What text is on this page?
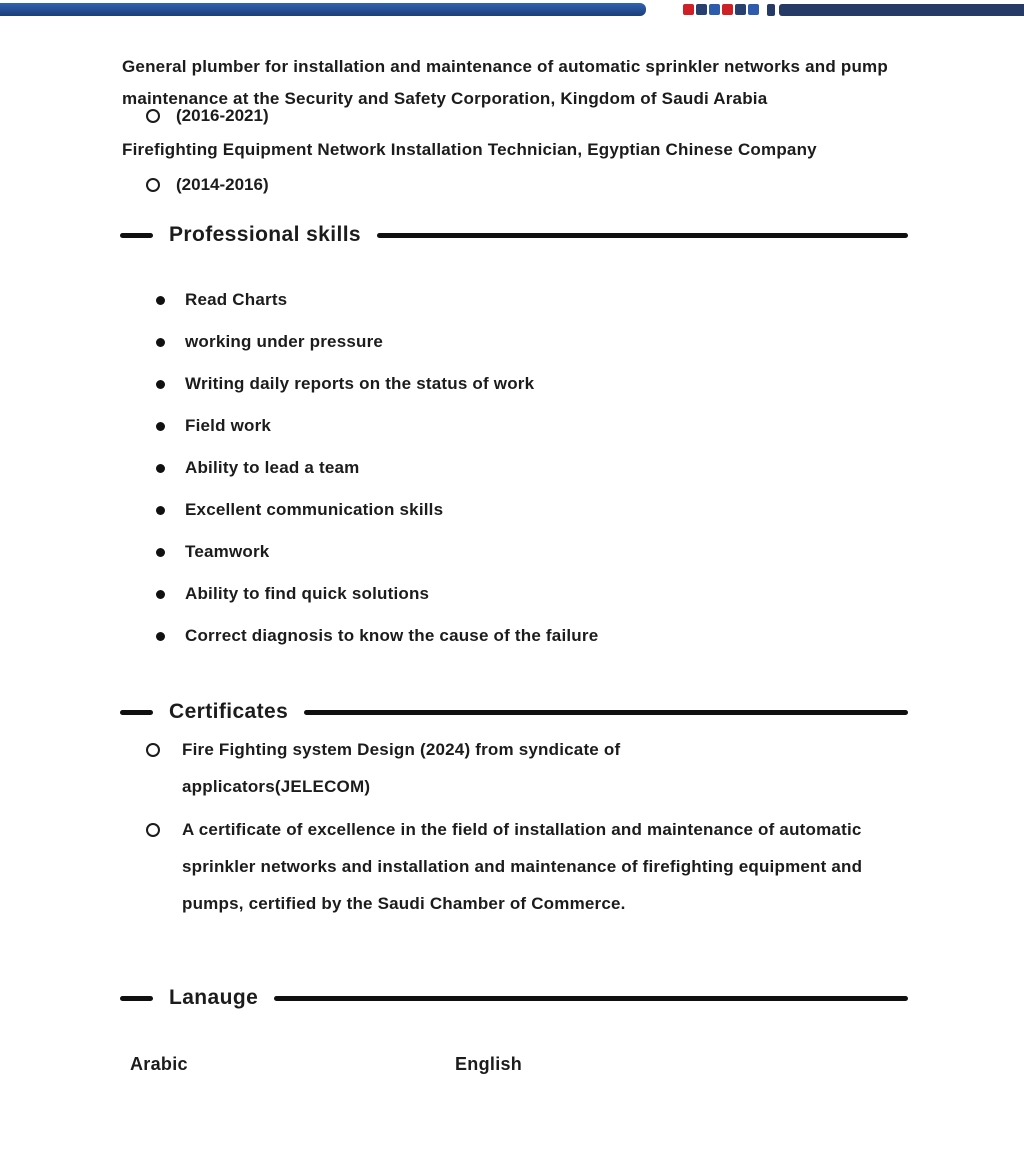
General plumber for installation and maintenance of automatic sprinkler networks and pump maintenance at the Security and Safety Corporation, Kingdom of Saudi Arabia

(2016-2021)
Firefighting Equipment Network Installation Technician, Egyptian Chinese Company
(2014-2016)
Professional skills
Read Charts
working under pressure
Writing daily reports on the status of work
Field work
Ability to lead a team
Excellent communication skills
Teamwork
Ability to find quick solutions
Correct diagnosis to know the cause of the failure
Certificates
Fire Fighting system Design (2024) from syndicate of applicators(JELECOM)
A certificate of excellence in the field of installation and maintenance of automatic sprinkler networks and installation and maintenance of firefighting equipment and pumps, certified by the Saudi Chamber of Commerce.
Lanauge
Arabic	English
